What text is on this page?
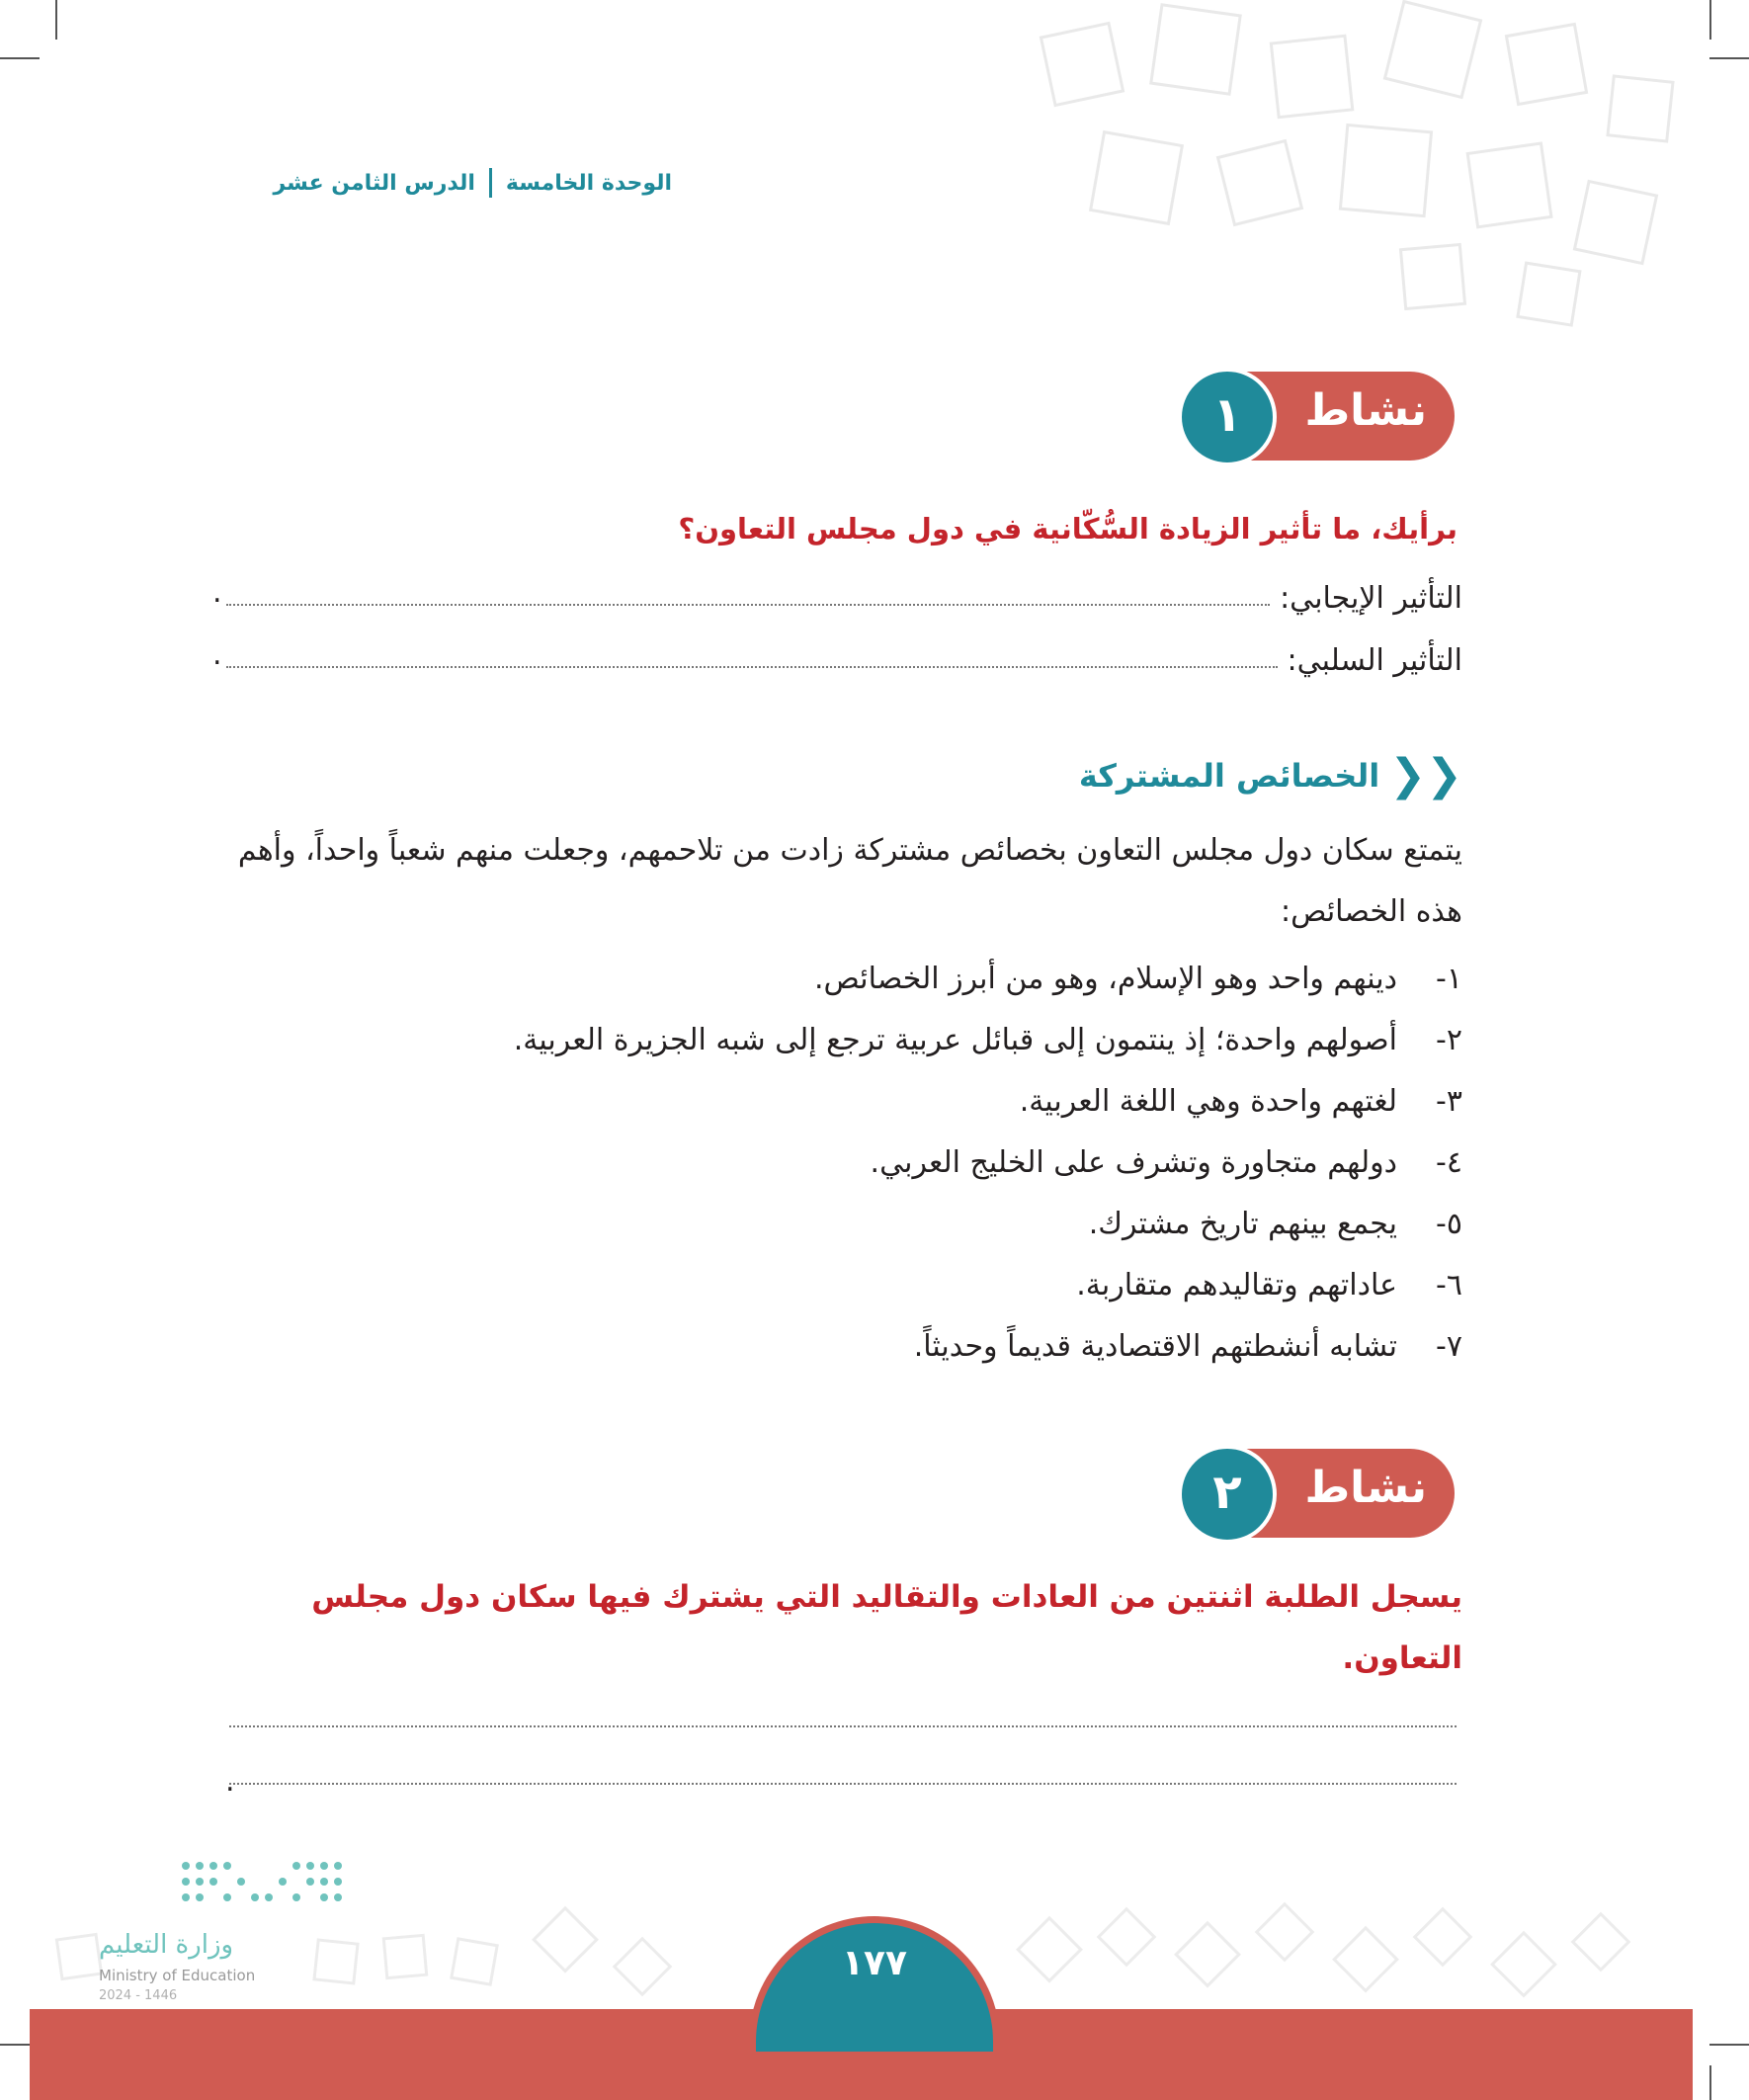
الوحدة الخامسة
الدرس الثامن عشر
نشاط
١
برأيك، ما تأثير الزيادة السُّكّانية في دول مجلس التعاون؟
التأثير الإيجابي:
.
التأثير السلبي:
.
❮❮
الخصائص المشتركة
يتمتع سكان دول مجلس التعاون بخصائص مشتركة زادت من تلاحمهم، وجعلت منهم شعباً واحداً، وأهم هذه الخصائص:
١-
دينهم واحد وهو الإسلام، وهو من أبرز الخصائص.
٢-
أصولهم واحدة؛ إذ ينتمون إلى قبائل عربية ترجع إلى شبه الجزيرة العربية.
٣-
لغتهم واحدة وهي اللغة العربية.
٤-
دولهم متجاورة وتشرف على الخليج العربي.
٥-
يجمع بينهم تاريخ مشترك.
٦-
عاداتهم وتقاليدهم متقاربة.
٧-
تشابه أنشطتهم الاقتصادية قديماً وحديثاً.
نشاط
٢
يسجل الطلبة اثنتين من العادات والتقاليد التي يشترك فيها سكان دول مجلس التعاون.
.
وزارة التعليم
Ministry of Education
2024 - 1446
١٧٧
